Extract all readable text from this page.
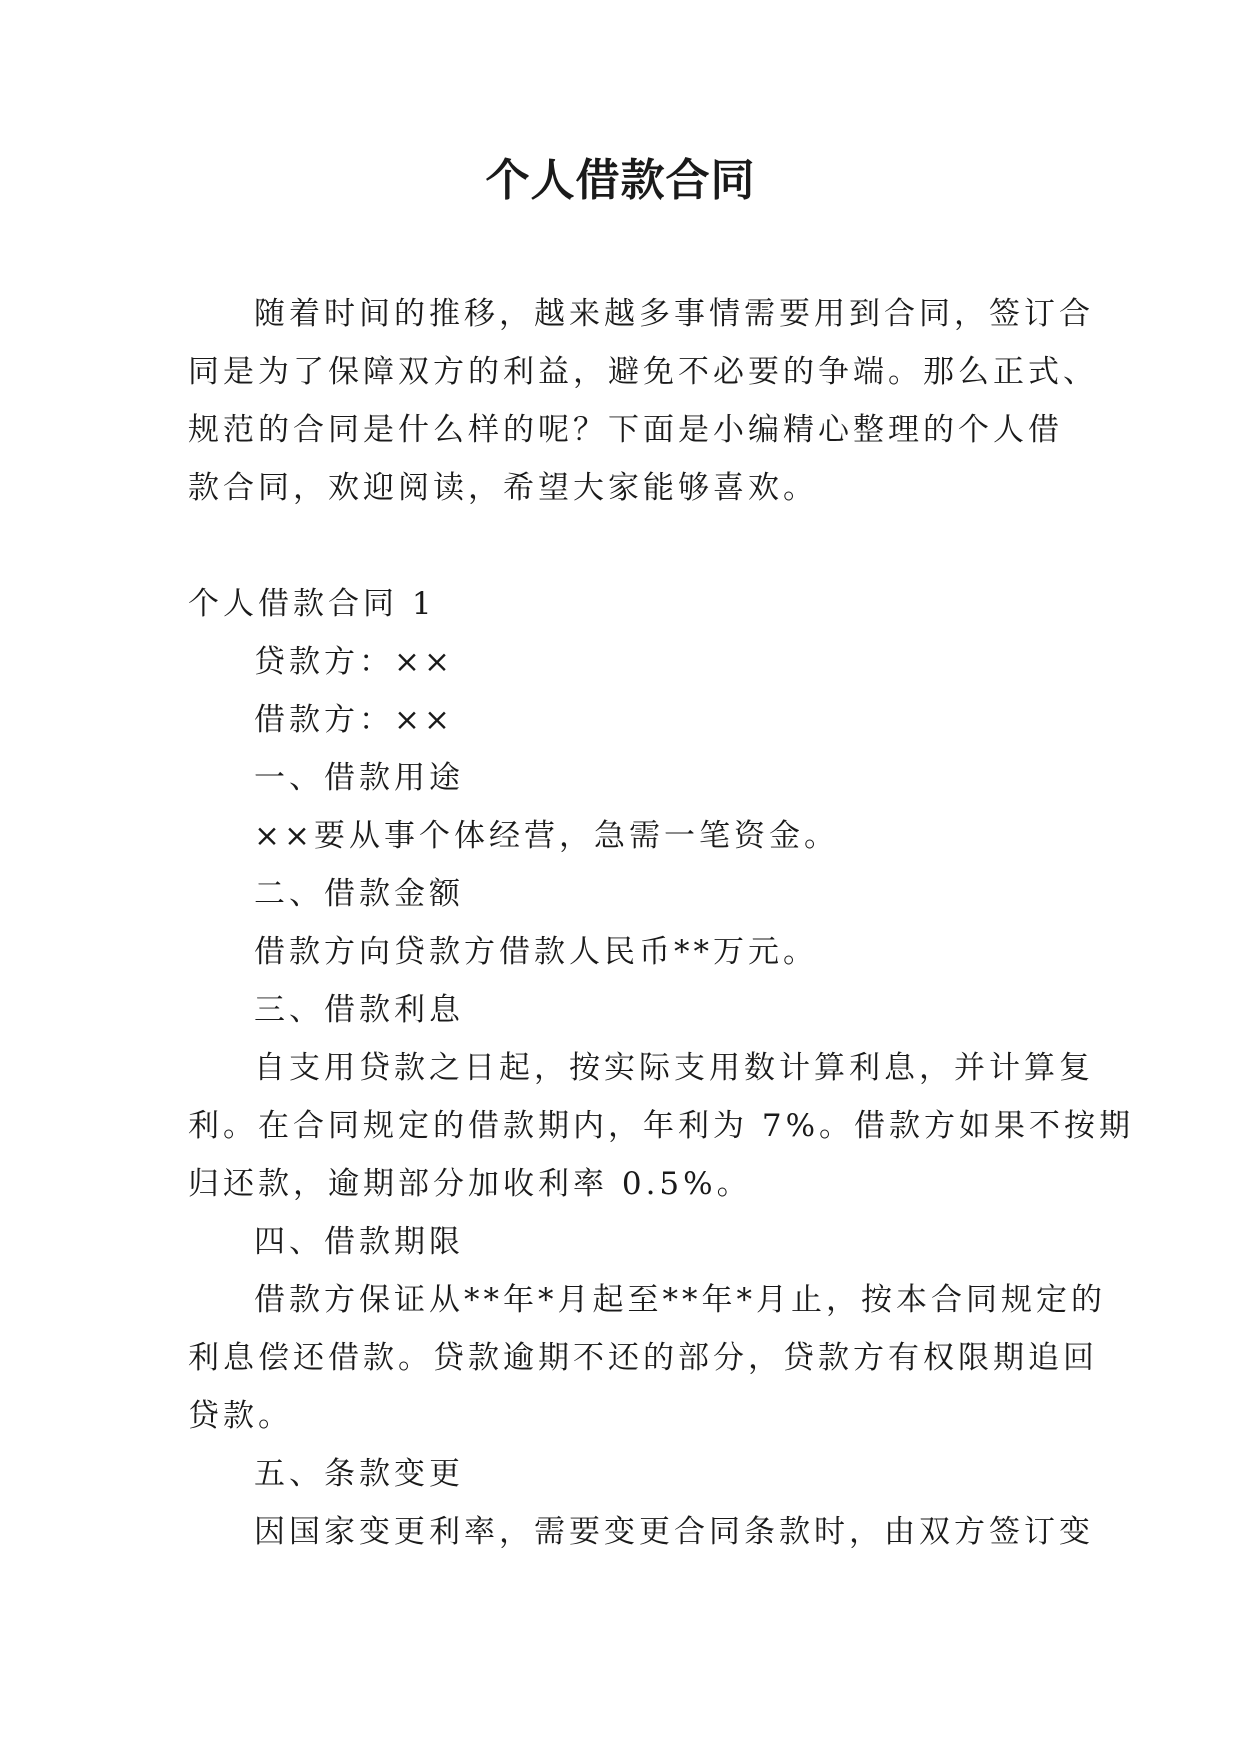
个人借款合同
随着时间的推移，越来越多事情需要用到合同，签订合
同是为了保障双方的利益，避免不必要的争端。那么正式、
规范的合同是什么样的呢？下面是小编精心整理的个人借
款合同，欢迎阅读，希望大家能够喜欢。
个人借款合同 1
贷款方：××
借款方：××
一、借款用途
××要从事个体经营，急需一笔资金。
二、借款金额
借款方向贷款方借款人民币**万元。
三、借款利息
自支用贷款之日起，按实际支用数计算利息，并计算复
利。在合同规定的借款期内，年利为 7%。借款方如果不按期
归还款，逾期部分加收利率 0.5%。
四、借款期限
借款方保证从**年*月起至**年*月止，按本合同规定的
利息偿还借款。贷款逾期不还的部分，贷款方有权限期追回
贷款。
五、条款变更
因国家变更利率，需要变更合同条款时，由双方签订变
